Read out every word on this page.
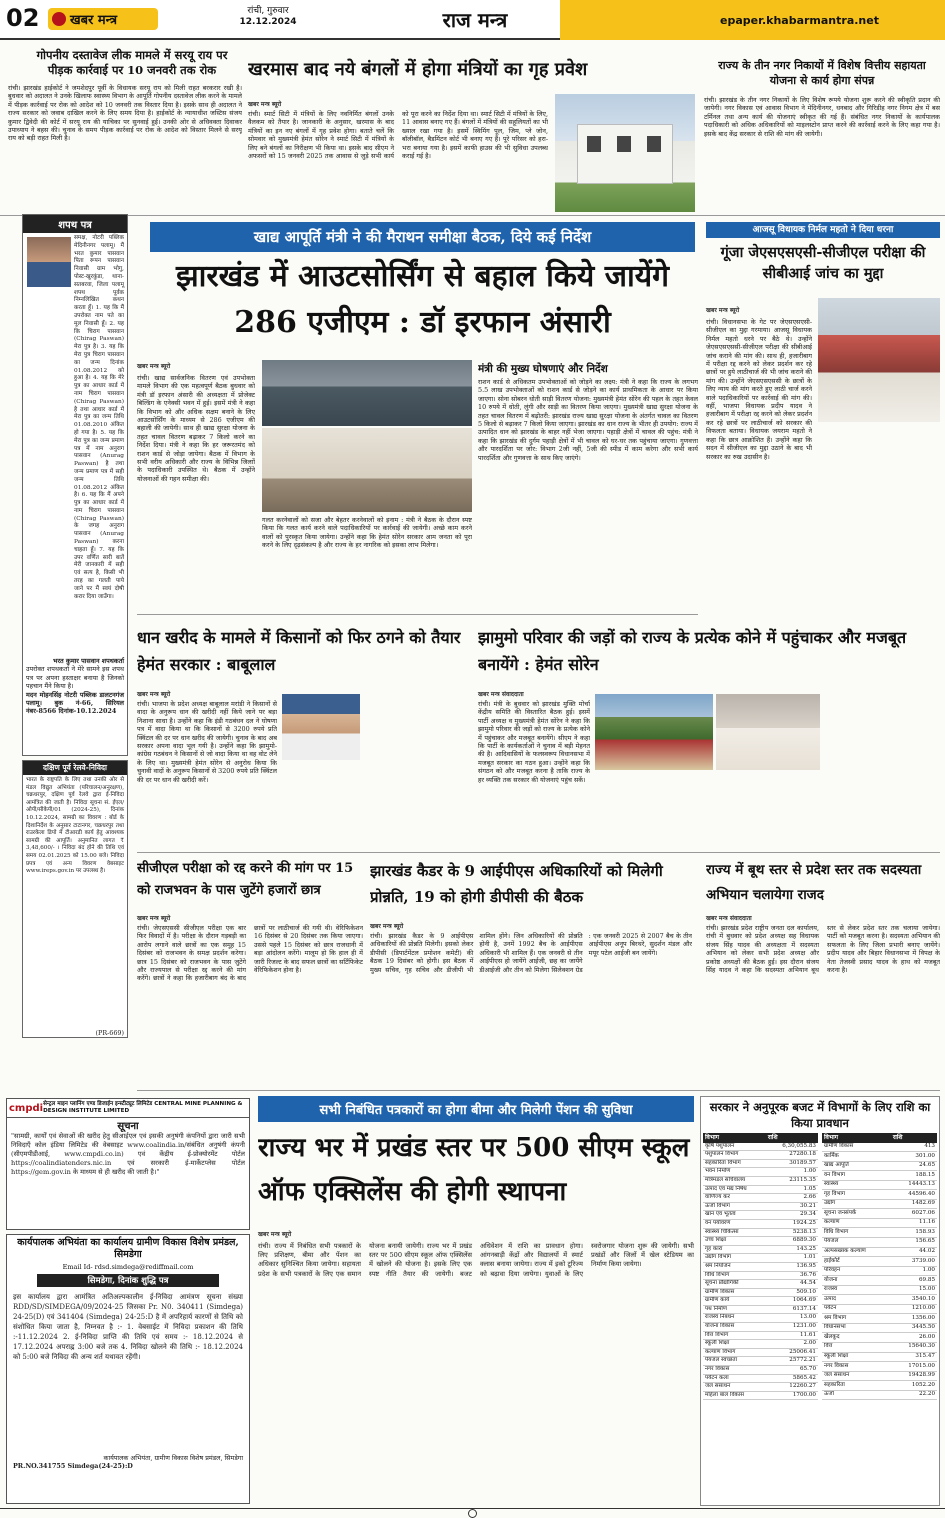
02 खबर मन्त्र
रांची, गुरुवार
12.12.2024	राज मन्त्र	epaper.khabarmantra.net
गोपनीय दस्तावेज लीक मामले में सरयू राय पर पीड़क कार्रवाई पर 10 जनवरी तक रोक
रांची। झारखंड हाईकोर्ट ने जमशेदपुर पूर्वी के विधायक सरयू राय को मिली राहत बरकरार रखी है। बुधवार को अदालत ने उनके खिलाफ स्वास्थ्य विभाग के आपूर्ति गोपनीय दस्तावेज लीक करने के मामले में पीड़क कार्रवाई पर रोक को आदेश को 10 जनवरी तक विस्तार दिया है। इसके साथ ही अदालत ने राज्य सरकार को जवाब दाखिल करने के लिए समय दिया है। हाईकोर्ट के न्यायाधीश जस्टिस संजय कुमार द्विवेदी की कोर्ट में सरयू राय की याचिका पर सुनवाई हुई। उनकी ओर से अधिवक्ता दिवाकर उपाध्याय ने बहस की। चुनाव के समय पीड़क कार्रवाई पर रोक के आदेश को विस्तार मिलने से सरयू राय को बड़ी राहत मिली है।
खरमास बाद नये बंगलों में होगा मंत्रियों का गृह प्रवेश
खबर मन्त्र ब्यूरो
रांची। स्मार्ट सिटी में मंत्रियों के लिए नवनिर्मित बंगलों उनके वैलकम को तैयार है। जानकारी के अनुसार, खरमास के बाद मंत्रियों का इन नए बंगलों में गृह प्रवेश होगा। बताते चलें कि सोमवार को मुख्यमंत्री हेमंत सोरेन ने स्मार्ट सिटी में मंत्रियों के लिए बने बंगलों का निरीक्षण भी किया था। इसके बाद सीएम ने अफसरों को 15 जनवरी 2025 तक आवास से जुड़े सभी कार्य को पूरा करने का निर्देश दिया था। स्मार्ट सिटी में मंत्रियों के लिए, 11 आवास बनाए गए हैं। बंगलों में मंत्रियों की सहूलियतों का भी ख्याल रखा गया है। इसमें स्विमिंग पूल, जिम, प्ले जोन, बॉलीबॉल, बैडमिंटन कोर्ट भी बनाए गए हैं। पूरे परिसर को हरा-भरा बनाया गया है। इसमें काफी हाउस की भी सुविधा उपलब्ध कराई गई है।
राज्य के तीन नगर निकायों में विशेष वित्तीय सहायता योजना से कार्य होगा संपन्न
रांची। झारखंड के तीन नगर निकायों के लिए विशेष रूपये योजना शुरू करने की स्वीकृति प्रदान की जायेगी। नगर विकास एवं आवास विभाग ने मेदिनीनगर, धनबाद और गिरिडीह नगर निगम क्षेत्र में बस टर्मिनल तथा अन्य कार्य की योजनाएं स्वीकृत की गई हैं। संबंधित नगर निकायों के कार्यपालक पदाधिकारी को अधिक अधिकारियों को माइलस्टोन प्राप्त करने की कार्रवाई करने के लिए कहा गया है। इसके बाद केंद्र सरकार से राशि की मांग की जायेगी।
शपथ पत्र
समक्ष, नोटरी पब्लिक मेदिनीनगर पलामू। मैं भरत कुमार पासवान पिता रूपन पासवान निवासी ग्राम भोगु, पोस्ट-खुरकुंडा, थाना-सतबरवा, जिला पलामू शपथ पूर्वक निम्नलिखित कथन करता हूँ। 1. यह कि मैं उपरोक्त नाम पते का मूल निवासी हूँ। 2. यह कि चिराग पासवान (Chirag Paswan) मेरा पुत्र है। 3. यह कि मेरा पुत्र चिराग पासवान का जन्म दिनांक 01.08.2012 को हुआ है। 4. यह कि मेरे पुत्र का आधार कार्ड में नाम चिराग पासवान (Chirag Paswan) है तथा आधार कार्ड में मेरा पुत्र का जन्म तिथि 01.08.2010 अंकित हो गया है। 5. यह कि मेरा पुत्र का जन्म प्रमाण पत्र में नाम अनुराग पासवान (Anurag Paswan) है तथा जन्म प्रमाण पत्र में सही जन्म तिथि 01.08.2012 अंकित है। 6. यह कि मैं अपने पुत्र का आधार कार्ड में नाम चिराग पासवान (Chirag Paswan) के जगह अनुराग पासवान (Anurag Paswan) करना चाहता हूँ। 7. यह कि उपर वर्णित सारी बातें मेरी जानकारी में सही एवं सत्य है, किसी भी तरह का गलती पाये जाने पर मैं स्वयं दोषी करार दिया जाउँगा।
भरत कुमार पासवान शपथकर्ता
उपरोक्त शपथकर्ता ने मेरे सामने इस शपथ पत्र पर अपना हस्ताक्षर बनाया है जिनको पहचान मैंने किया है।
मदन मोहनसिंह नोटरी पब्लिक डालटनगंज पलामू। बुक नं-66, सिरियल नंबर-8566 दिनांक-10.12.2024
दक्षिण पूर्व रेलवे-निविदा
भारत के राष्ट्रपति के लिए तथा उनकी ओर से मंडल विद्युत अभियंता (परिचालन/अनुरक्षण), चक्रधरपुर, दक्षिण पूर्व रेलवे द्वारा ई-निविदा आमंत्रित की जाती है। निविदा सूचना सं. ईएल/ओपी/सीकेपी/01 (2024-25), दिनांक 10.12.2024, सामग्री का विवरण : बोर्ड के दिशानिर्देश के अनुसार टाटानगर, चक्रधरपुर तथा राउरकेला डिपो में टीआरडी कार्य हेतु आवश्यक सामग्री की आपूर्ति। अनुमानित लागत ₹ 3,48,600/- । निविदा बंद होने की तिथि एवं समय 02.01.2025 को 15.00 बजे। निविदा प्रपत्र एवं अन्य विवरण वेबसाइट www.ireps.gov.in पर उपलब्ध है।
(PR-669)
cmpdi सेन्ट्रल माइन प्लानिंग एण्ड डिजाईन इन्स्टीट्यूट लिमिटेड CENTRAL MINE PLANNING & DESIGN INSTITUTE LIMITED
सूचना
"सामग्री, कार्यों एवं सेवाओं की खरीद हेतु सीआईएल एवं इसकी अनुषंगी कंपनियों द्वारा जारी सभी निविदाएँ कोल इंडिया लिमिटेड की वेबसाइट www.coalindia.in/संबंधित अनुषंगी कंपनी (सीएमपीडीआई, www.cmpdi.co.in) एवं केंद्रीय ई-प्रोक्योरमेंट पोर्टल https://coalindiatenders.nic.in एवं सरकारी ई-मार्केटप्लेस पोर्टल https://gem.gov.in के माध्यम से ही खरीद की जाती है।"
कार्यपालक अभियंता का कार्यालय ग्रामीण विकास विशेष प्रमंडल, सिमडेगा
Email Id- rdsd.simdega@rediffmail.com
सिमडेगा, दिनांक शुद्धि पत्र
इस कार्यालय द्वारा आमंत्रित अतिअल्पकालीन ई-निविदा आमंत्रण सूचना संख्या RDD/SD/SIMDEGA/09/2024-25 जिसका Pr. N0. 340411 (Simdega) 24-25(D) एवं 341404 (Simdega) 24-25:D है में अपरिहार्य कारणों से तिथि को संशोधित किया जाता है, निम्नवत है :- 1. वेबसाईट में निविदा प्रकाशन की तिथि :-11.12.2024 2. ई-निविदा प्राप्ति की तिथि एवं समय :- 18.12.2024 से 17.12.2024 अपराह्न 3:00 बजे तक 4. निविदा खोलने की तिथि :- 18.12.2024 को 5:00 बजे निविदा की अन्य शर्त यथावत रहेंगी।
कार्यपालक अभियंता, ग्रामीण विकास विशेष प्रमंडल, सिमडेगा
PR.NO.341755 Simdega(24-25):D
खाद्य आपूर्ति मंत्री ने की मैराथन समीक्षा बैठक, दिये कई निर्देश
झारखंड में आउटसोर्सिंग से बहाल किये जायेंगे 286 एजीएम : डॉ इरफान अंसारी
खबर मन्त्र ब्यूरो
रांची। खाद्य सार्वजनिक वितरण एवं उपभोक्ता मामले विभाग की एक महत्वपूर्ण बैठक बुधवार को मंत्री डॉ इरफान अंसारी की अध्यक्षता में प्रोजेक्ट बिल्डिंग के एनेक्सी भवन में हुई। इसमें मंत्री ने कहा कि विभाग को और अधिक सक्षम बनाने के लिए आउटसोर्सिंग के माध्यम से 286 एजीएम की बहाली की जायेगी। साथ ही खाद्य सुरक्षा योजना के तहत चावल वितरण बढ़ाकर 7 किलो करने का निर्देश दिया। मंत्री ने कहा कि हर जरूरतमंद को राशन कार्ड से जोड़ा जायेगा। बैठक में विभाग के सभी वरीय अधिकारी और राज्य के विभिन्न जिलाों के पदाधिकारी उपस्थित थे। बैठक में उन्होंने योजनाओं की गहन समीक्षा की।
गलत करनेवालों को सजा और बेहतर करनेवालों को इनाम : मंत्री ने बैठक के दौरान स्पष्ट किया कि गलत कार्य करने वाले पदाधिकारियों पर कार्रवाई की जायेगी। अच्छे काम करने वालों को पुरस्कृत किया जायेगा। उन्होंने कहा कि हेमंत सोरेन सरकार आम जनता को पूरा करने के लिए दृढ़संकल्प है और राज्य के हर नागरिक को इसका लाभ मिलेगा।
मंत्री की मुख्य घोषणाएं और निर्देश
राशन कार्ड से अधिकतम उपभोक्ताओं को जोड़ने का लक्ष्य: मंत्री ने कहा कि राज्य के लगभग 5.5 लाख उपभोक्ताओं को राशन कार्ड से जोड़ने का कार्य प्राथमिकता के आधार पर किया जाएगा। सोना सोबरन धोती साड़ी वितरण योजना: मुख्यमंत्री हेमंत सोरेन की पहल के तहत केवल 10 रुपये में धोती, लुंगी और साड़ी का वितरण किया जाएगा। मुख्यमंत्री खाद्य सुरक्षा योजना के तहत चावल वितरण में बढ़ोतरी: झारखंड राज्य खाद्य सुरक्षा योजना के अंतर्गत चावल का वितरण 5 किलो से बढ़ाकर 7 किलो किया जाएगा। झारखंड का धान राज्य के भीतर ही उपयोग: राज्य में उत्पादित धान को झारखंड के बाहर नहीं भेजा जाएगा। पहाड़ी क्षेत्रों में चावल की पहुंच: मंत्री ने कहा कि झारखंड की दुर्गम पहाड़ी क्षेत्रों में भी चावल को घर-घर तक पहुंचाया जाएगा। गुणवत्ता और पारदर्शिता पर जोर: विभाग 2जी नहीं, 5जी की स्पीड में काम करेगा और सभी कार्य पारदर्शिता और गुणवत्ता के साथ किए जाएंगे।
आजसू विधायक निर्मल महतो ने दिया धरना
गूंजा जेएसएसएसी-सीजीएल परीक्षा की सीबीआई जांच का मुद्दा
खबर मन्त्र ब्यूरो
रांची। विधानसभा के गेट पर जेएसएसएसी-सीजीएल का मुद्दा गरमाया। आजसू विधायक निर्मल महतो धरने पर बैठे थे। उन्होंने जेएसएसएससी-सीजीएल परीक्षा की सीबीआई जांच कराने की मांग की। साथ ही, हजारीबाग में परीक्षा रद्द करने को लेकर प्रदर्शन कर रहे छात्रों पर हुये लाठीचार्ज की भी जांच कराने की मांग की। उन्होंने जेएसएसएससी के छात्रों के लिए न्याय की मांग करते हुए लाठी चार्ज करने वाले पदाधिकारियों पर कार्रवाई की मांग की। वहीं, भाजपा विधायक प्रदीप यादव ने हजारीबाग में परीक्षा रद्द करने को लेकर प्रदर्शन कर रहे छात्रों पर लाठीचार्ज को सरकार की विफलता बताया। विधायक जयराम महतो ने कहा कि छात्र आक्रोशित हैं। उन्होंने कहा कि सदन में सीजीएल का मुद्दा उठाने के बाद भी सरकार का रुख उदासीन है।
धान खरीद के मामले में किसानों को फिर ठगने को तैयार हेमंत सरकार : बाबूलाल
खबर मन्त्र ब्यूरो
रांची। भाजपा के प्रदेश अध्यक्ष बाबूलाल मरांडी ने किसानों से वादा के अनुरूप धान की खरीदी नहीं किये जाने पर बड़ा निशाना साधा है। उन्होंने कहा कि इंडी गठबंधन दल ने घोषणा पत्र में वादा किया था कि किसानों से 3200 रुपये प्रति क्विंटल की दर पर धान खरीद की जायेगी। चुनाव के बाद अब सरकार अपना वादा भूल गयी है। उन्होंने कहा कि झामुमो-कांग्रेस गठबंधन ने किसानों से जो वादा किया था वह वोट लेने के लिए था। मुख्यमंत्री हेमंत सोरेन से अनुरोध किया कि चुनावी वादों के अनुरूप किसानों से 3200 रुपये प्रति क्विंटल की दर पर धान की खरीदी करें।
झामुमो परिवार की जड़ों को राज्य के प्रत्येक कोने में पहुंचाकर और मजबूत बनायेंगे : हेमंत सोरेन
खबर मन्त्र संवाददाता
रांची। मंत्री के बुधवार को झारखंड मुक्ति मोर्चा केंद्रीय समिति की विस्तारित बैठक हुई। इसमें पार्टी अध्यक्ष व मुख्यमंत्री हेमंत सोरेन ने कहा कि झामुमो परिवार की जड़ों को राज्य के प्रत्येक कोने में पहुंचाकर और मजबूत बनायेंगे। सीएम ने कहा कि पार्टी के कार्यकर्ताओं ने चुनाव में बड़ी मेहनत की है। आदिवासियों के फलस्वरूप विधानसभा में मजबूत सरकार का गठन हुआ। उन्होंने कहा कि संगठन को और मजबूत करना है ताकि राज्य के हर व्यक्ति तक सरकार की योजनाएं पहुंच सकें।
सीजीएल परीक्षा को रद्द करने की मांग पर 15 को राजभवन के पास जुटेंगे हजारों छात्र
खबर मन्त्र ब्यूरो
रांची। जेएसएससी सीजीएल परीक्षा एक बार फिर विवादों में है। परीक्षा के दौरान गड़बड़ी का आरोप लगाने वाले छात्रों का एक समूह 15 दिसंबर को राजभवन के समक्ष प्रदर्शन करेगा। छात्र 15 दिसंबर को राजभवन के पास जुटेंगे और राज्यपाल से परीक्षा रद्द करने की मांग करेंगे। छात्रों ने कहा कि हजारीबाग बंद के बाद छात्रों पर लाठीचार्ज की गयी थी। वेरिफिकेशन 16 दिसंबर से 20 दिसंबर तक किया जाएगा। उससे पहले 15 दिसंबर को छात्र राजधानी में बड़ा आंदोलन करेंगे। मालूम हो कि हाल ही में जारी रिजल्ट के बाद सफल छात्रों का सर्टिफिकेट वेरिफिकेशन होना है।
झारखंड कैडर के 9 आईपीएस अधिकारियों को मिलेगी प्रोन्नति, 19 को होगी डीपीसी की बैठक
खबर मन्त्र ब्यूरो
रांची। झारखंड कैडर के 9 आईपीएस अधिकारियों की प्रोन्नति मिलेगी। इसको लेकर डीपीसी (डिपार्टमेंटल प्रमोशन कमेटी) की बैठक 19 दिसंबर को होगी। इस बैठक में मुख्य सचिव, गृह सचिव और डीजीपी भी शामिल होंगे। जिन अधिकारियों की प्रोन्नति होनी है, उनमें 1992 बैच के आईपीएस अधिकारी भी शामिल हैं। एक जनवरी से तीन आईपीएस हो जायेंगे आईजी, छह का जायेंगे डीआईजी और तीन को मिलेगा सिलेक्शन ग्रेड : एक जनवरी 2025 से 2007 बैच के तीन आईपीएस अनूप बिरथरे, सुदर्शन मंडल और मयूर पटेल आईजी बन जायेंगे।
राज्य में बूथ स्तर से प्रदेश स्तर तक सदस्यता अभियान चलायेगा राजद
खबर मन्त्र संवाददाता
रांची। झारखंड प्रदेश राष्ट्रीय जनता दल कार्यालय, रांची में बुधवार को प्रदेश अध्यक्ष सह विधायक संजय सिंह यादव की अध्यक्षता में सदस्यता अभियान को लेकर सभी प्रदेश अध्यक्ष और प्रकोष्ठ अध्यक्षों की बैठक हुई। इस दौरान संजय सिंह यादव ने कहा कि सदस्यता अभियान बूथ स्तर से लेकर प्रदेश स्तर तक चलाया जायेगा। पार्टी को मजबूत करना है। सदस्यता अभियान की सफलता के लिए जिला प्रभारी बनाए जायेंगे। प्रदीप यादव और बिहार विधानसभा में विपक्ष के नेता तेजस्वी प्रसाद यादव के हाथ को मजबूत करना है।
सभी निबंधित पत्रकारों का होगा बीमा और मिलेगी पेंशन की सुविधा
राज्य भर में प्रखंड स्तर पर 500 सीएम स्कूल ऑफ एक्सिलेंस की होगी स्थापना
खबर मन्त्र ब्यूरो
रांची। राज्य में निबंधित सभी पत्रकारों के लिए प्रशिक्षण, बीमा और पेंशन का अधिकार सुनिश्चित किया जायेगा। सहायता प्रदेश के सभी पत्रकारों के लिए एक समान योजना बनायी जायेगी। राज्य भर में प्रखंड स्तर पर 500 सीएम स्कूल ऑफ एक्सिलेंस में खोलने की योजना है। इसके लिए एक स्पष्ट नीति तैयार की जायेगी। बजट अधिवेशन में राशि का प्रावधान होगा। आंगनबाड़ी केंद्रों और विद्यालयों में स्मार्ट क्लास बनाया जायेगा। राज्य में इको टूरिज्म को बढ़ावा दिया जायेगा। युवाओं के लिए स्वरोजगार योजना शुरू की जायेगी। सभी प्रखंडों और जिलों में खेल स्टेडियम का निर्माण किया जायेगा।
सरकार ने अनुपूरक बजट में विभागों के लिए राशि का किया प्रावधान
विभाग	राशि
कृषि पशुपालन	6,30,055.83
पशुपालन विभाग	27280.18
सहकारिता विभाग	30189.57
भवन निर्माण	1.00
मंत्रिमंडल सचिवालय	23115.35
उत्पाद एवं मद्य निषेध	1.05
वाणिज्य कर	2.66
ऊर्जा विभाग	30.21
खान एवं भूतत्व	29.34
वन पर्यावरण	1924.25
स्वास्थ्य चिकित्सा	5238.13
उच्च शिक्षा	6889.30
गृह कारा	143.25
उद्योग विभाग	1.01
श्रम नियोजन	136.95
विधि विभाग	36.76
सूचना प्रौद्योगिकी	44.54
ग्रामीण विकास	509.10
ग्रामीण कार्य	1064.69
पथ निर्माण	6137.14
राजस्व निबंधन	13.00
योजना विकास	1231.00
वित्त विभाग	11.61
स्कूली शिक्षा	2.00
कल्याण विभाग	25006.41
पेयजल स्वच्छता	25772.21
नगर विकास	65.70
पर्यटन कला	5865.42
जल संसाधन	12260.27
महिला बाल विकास	1700.00
विभाग	राशि
ग्रामीण विकास	413
कार्मिक	301.00
खाद्य आपूर्ति	24.65
वन विभाग	188.15
स्वास्थ्य	14443.13
गृह विभाग	44596.40
उद्योग	1482.69
सूचना जनसंपर्क	6027.06
कल्याण	11.16
विधि विभाग	158.93
पेयजल	156.65
अल्पसंख्यक कल्याण	44.02
हाईकोर्ट	3739.00
परिवहन	1.00
योजना	69.85
राजस्व	15.00
उत्पाद	3540.10
पर्यटन	1210.00
श्रम विभाग	1356.00
विधानसभा	3445.50
खेलकूद	26.00
वित्त	15640.30
स्कूली शिक्षा	315.47
नगर विकास	17015.00
जल संसाधन	19428.99
सहकारिता	1052.20
ऊर्जा	22.20
